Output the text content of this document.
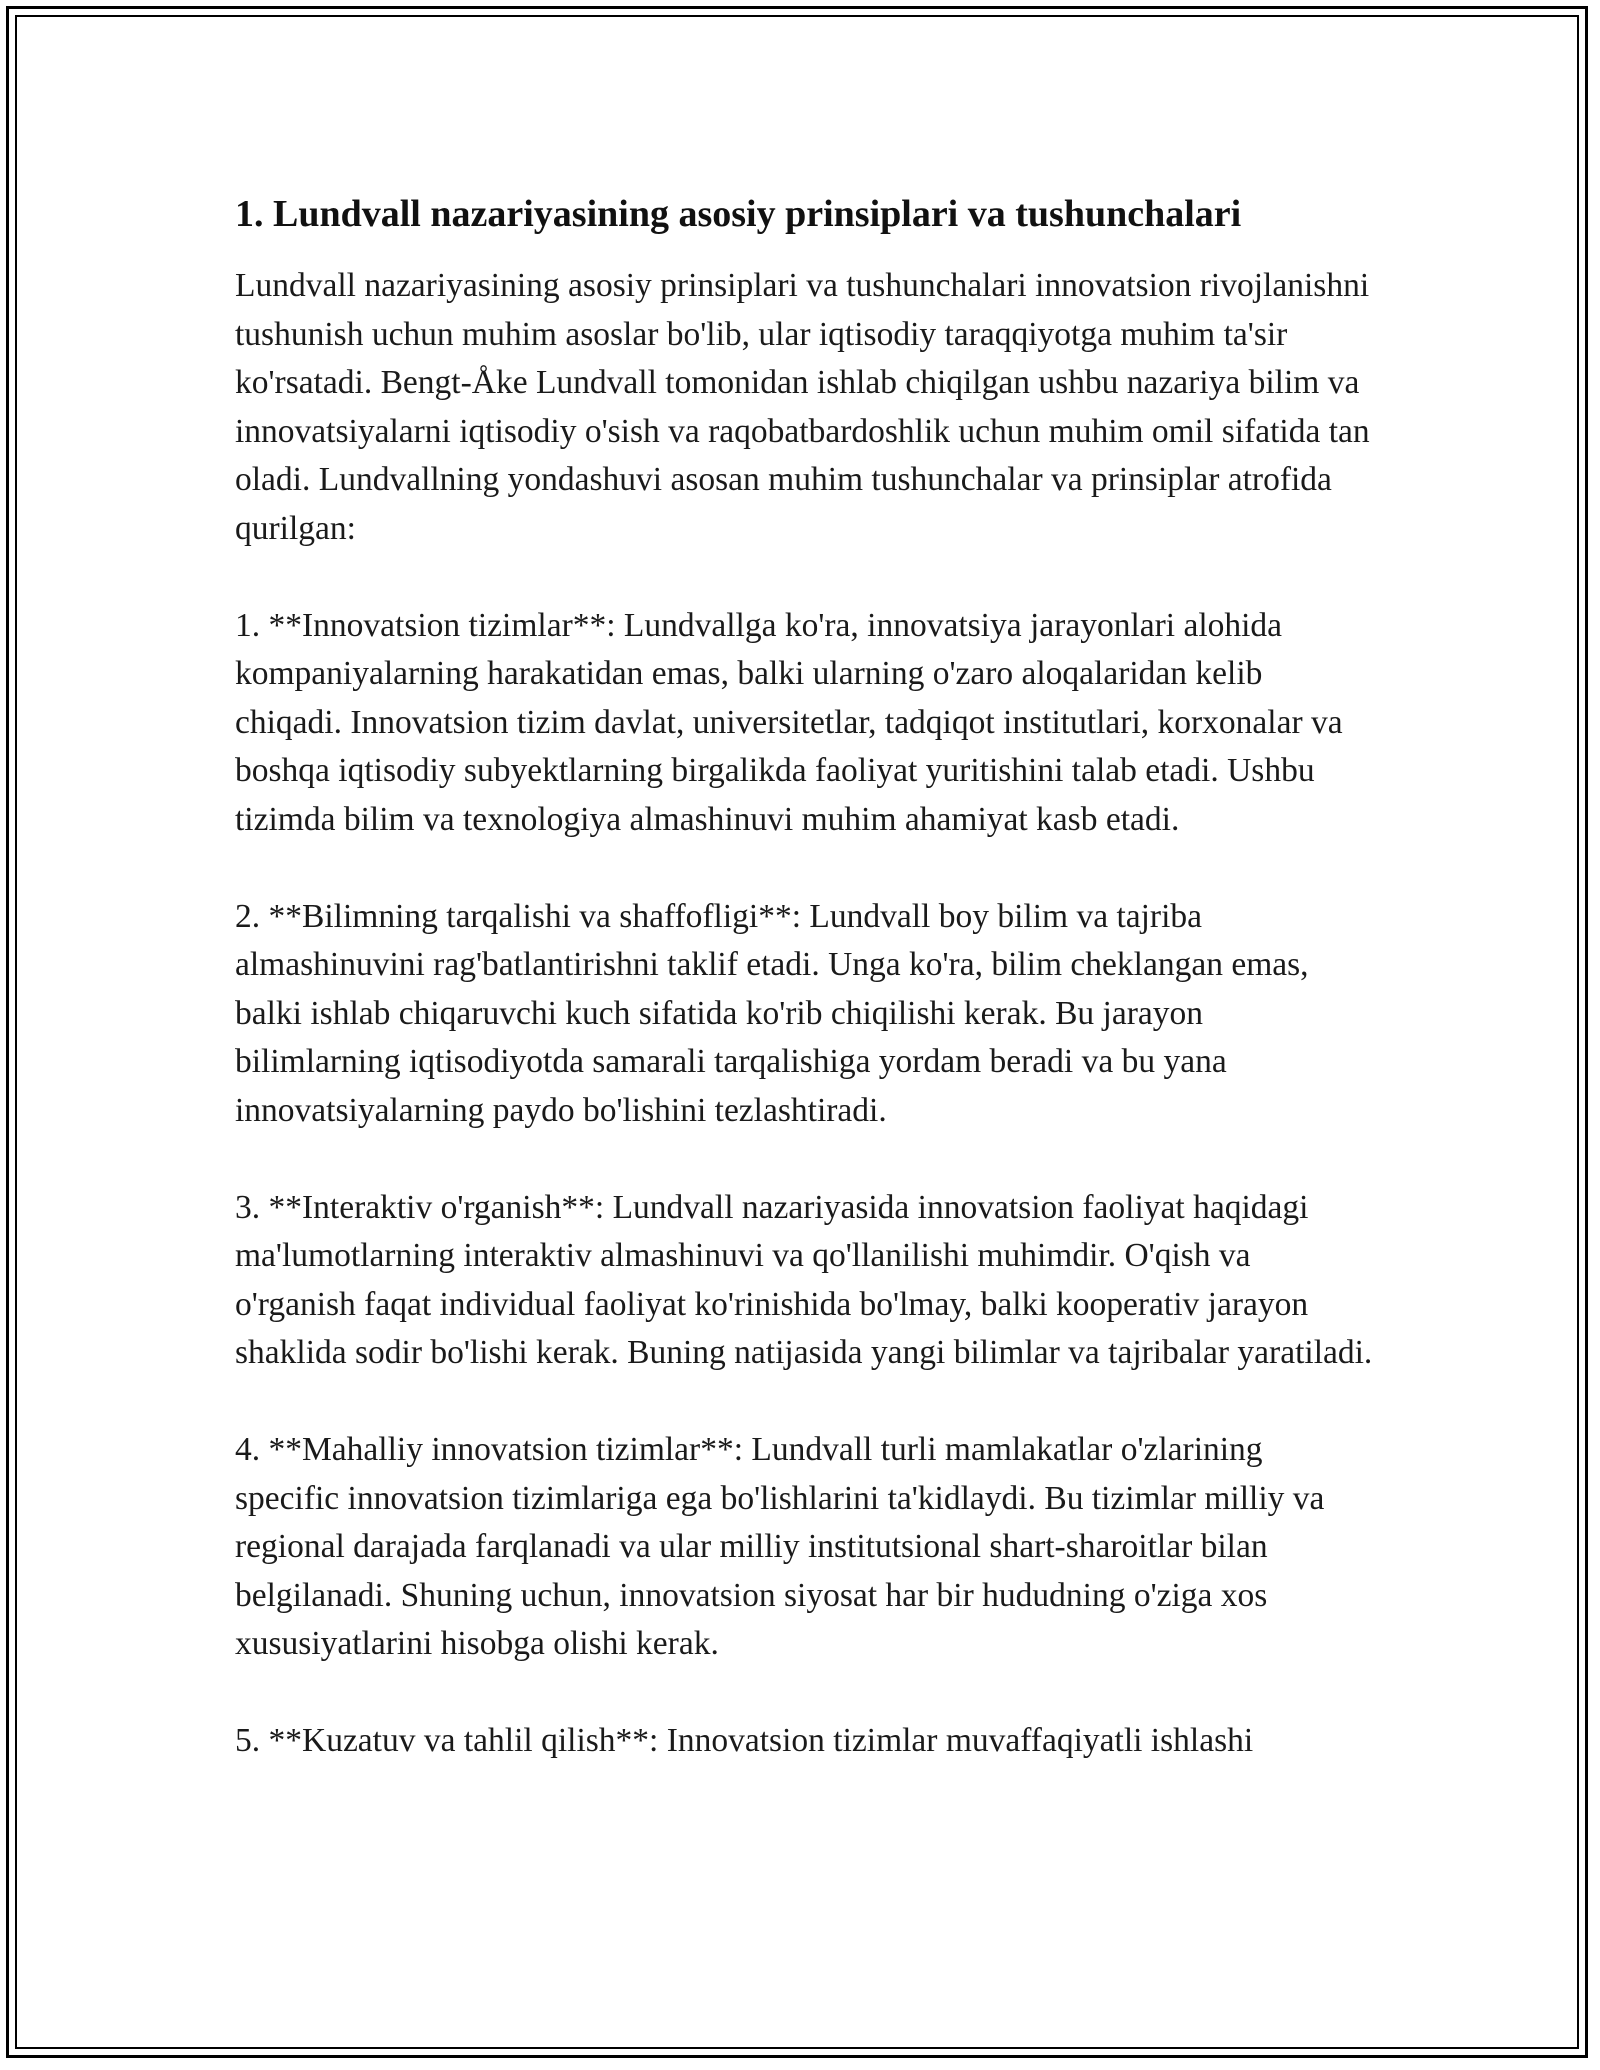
1. Lundvall nazariyasining asosiy prinsiplari va tushunchalari

Lundvall nazariyasining asosiy prinsiplari va tushunchalari innovatsion rivojlanishni tushunish uchun muhim asoslar bo'lib, ular iqtisodiy taraqqiyotga muhim ta'sir ko'rsatadi. Bengt-Åke Lundvall tomonidan ishlab chiqilgan ushbu nazariya bilim va innovatsiyalarni iqtisodiy o'sish va raqobatbardoshlik uchun muhim omil sifatida tan oladi. Lundvallning yondashuvi asosan muhim tushunchalar va prinsiplar atrofida qurilgan:

1. **Innovatsion tizimlar**: Lundvallga ko'ra, innovatsiya jarayonlari alohida kompaniyalarning harakatidan emas, balki ularning o'zaro aloqalaridan kelib chiqadi. Innovatsion tizim davlat, universitetlar, tadqiqot institutlari, korxonalar va boshqa iqtisodiy subyektlarning birgalikda faoliyat yuritishini talab etadi. Ushbu tizimda bilim va texnologiya almashinuvi muhim ahamiyat kasb etadi.

2. **Bilimning tarqalishi va shaffofligi**: Lundvall boy bilim va tajriba almashinuvini rag'batlantirishni taklif etadi. Unga ko'ra, bilim cheklangan emas, balki ishlab chiqaruvchi kuch sifatida ko'rib chiqilishi kerak. Bu jarayon bilimlarning iqtisodiyotda samarali tarqalishiga yordam beradi va bu yana innovatsiyalarning paydo bo'lishini tezlashtiradi.

3. **Interaktiv o'rganish**: Lundvall nazariyasida innovatsion faoliyat haqidagi ma'lumotlarning interaktiv almashinuvi va qo'llanilishi muhimdir. O'qish va o'rganish faqat individual faoliyat ko'rinishida bo'lmay, balki kooperativ jarayon shaklida sodir bo'lishi kerak. Buning natijasida yangi bilimlar va tajribalar yaratiladi.

4. **Mahalliy innovatsion tizimlar**: Lundvall turli mamlakatlar o'zlarining specific innovatsion tizimlariga ega bo'lishlarini ta'kidlaydi. Bu tizimlar milliy va regional darajada farqlanadi va ular milliy institutsional shart-sharoitlar bilan belgilanadi. Shuning uchun, innovatsion siyosat har bir hududning o'ziga xos xususiyatlarini hisobga olishi kerak.

5. **Kuzatuv va tahlil qilish**: Innovatsion tizimlar muvaffaqiyatli ishlashi
